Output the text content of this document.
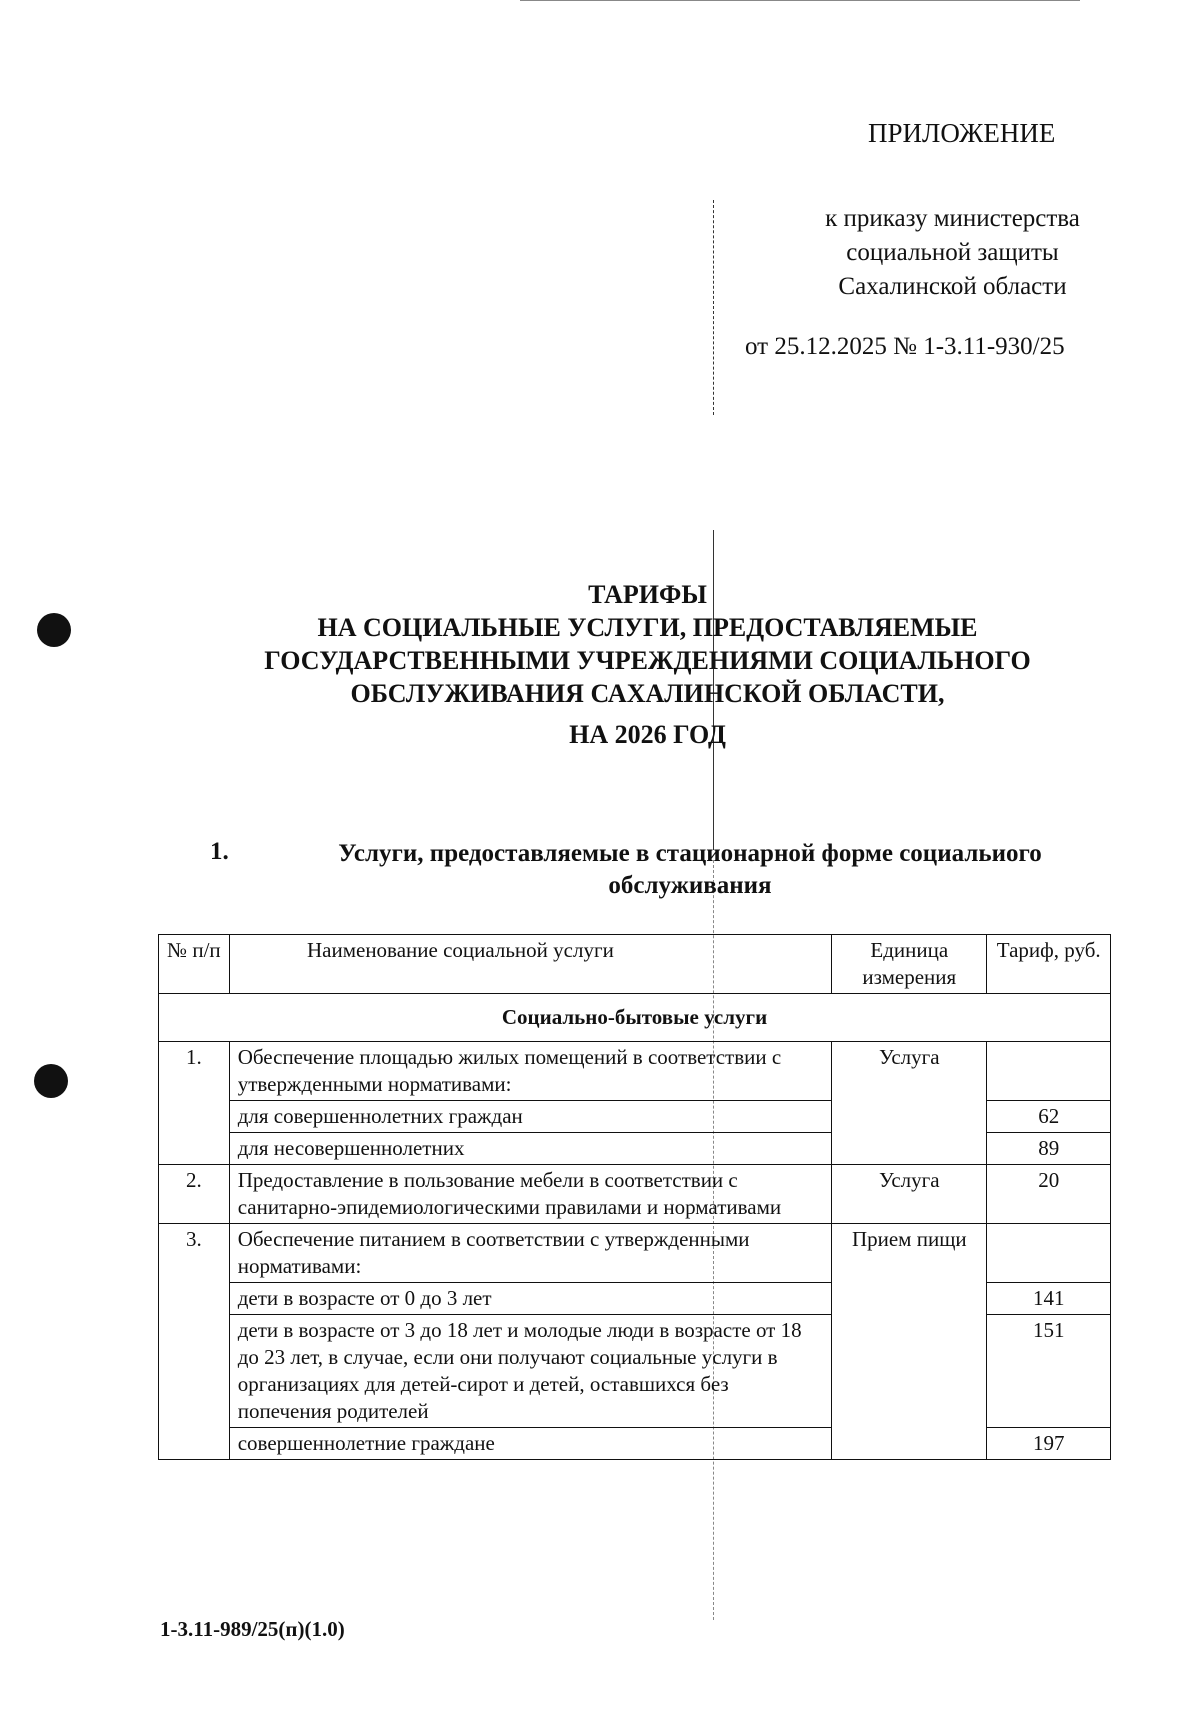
ПРИЛОЖЕНИЕ
к приказу министерства
социальной защиты
Сахалинской области
от 25.12.2025 № 1-3.11-930/25
ТАРИФЫ
НА СОЦИАЛЬНЫЕ УСЛУГИ, ПРЕДОСТАВЛЯЕМЫЕ
ГОСУДАРСТВЕННЫМИ УЧРЕЖДЕНИЯМИ СОЦИАЛЬНОГО
ОБСЛУЖИВАНИЯ САХАЛИНСКОЙ ОБЛАСТИ,
НА 2026 ГОД
1.	Услуги, предоставляемые в стационарной форме социальиого
обслуживания
№ п/п	Наименование социальной услуги	Единица измерения	Тариф, руб.
Социально-бытовые услуги			
1.	Обеспечение площадью жилых помещений в соответствии с утвержденными нормативами:	Услуга	
	для совершеннолетних граждан		62
	для несовершеннолетних		89
2.	Предоставление в пользование мебели в соответствии с санитарно-эпидемиологическими правилами и нормативами	Услуга	20
3.	Обеспечение питанием в соответствии с утвержденными нормативами:	Прием пищи	
	дети в возрасте от 0 до 3 лет		141
	дети в возрасте от 3 до 18 лет и молодые люди в возрасте от 18 до 23 лет, в случае, если они получают социальные услуги в организациях для детей-сирот и детей, оставшихся без попечения родителей		151
	совершеннолетние граждане		197
1-3.11-989/25(п)(1.0)
